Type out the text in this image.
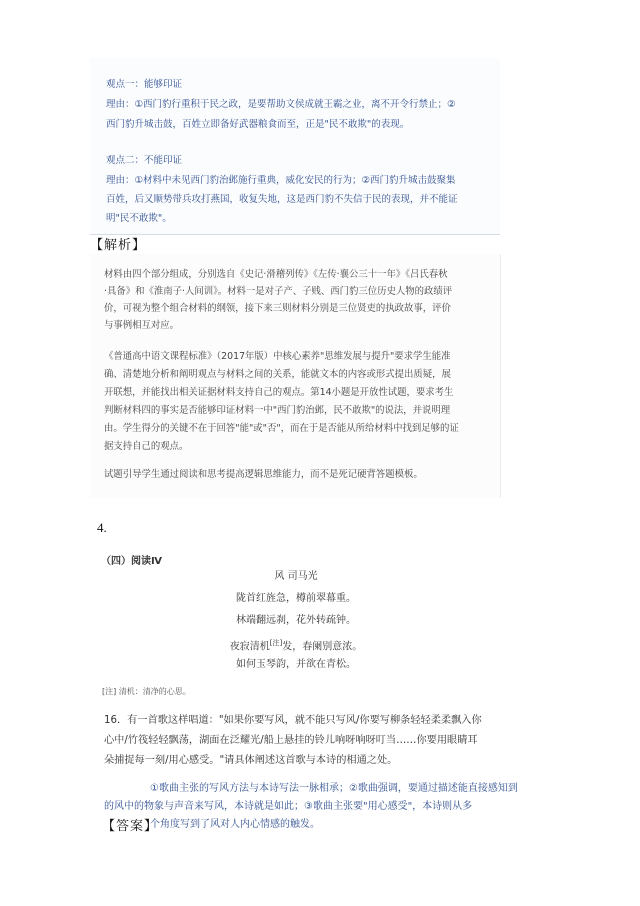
观点一：能够印证
理由：①西门豹行重积于民之政，是要帮助文侯成就王霸之业，离不开令行禁止；②
西门豹升城击鼓，百姓立即备好武器粮食而至，正是"民不敢欺"的表现。
观点二：不能印证
理由：①材料中未见西门豹治邺施行重典，威化安民的行为；②西门豹升城击鼓聚集
百姓，后又顺势带兵攻打燕国，收复失地，这是西门豹不失信于民的表现，并不能证
明"民不敢欺"。
【解析】
材料由四个部分组成，分别选自《史记·滑稽列传》《左传·襄公三十一年》《吕氏春秋
·具备》和《淮南子·人间训》。材料一是对子产、子贱、西门豹三位历史人物的政绩评
价，可视为整个组合材料的纲领，接下来三则材料分别是三位贤吏的执政故事，评价
与事例相互对应。
《普通高中语文课程标准》（2017年版）中核心素养"思维发展与提升"要求学生能准
确、清楚地分析和阐明观点与材料之间的关系，能就文本的内容或形式提出质疑，展
开联想，并能找出相关证据材料支持自己的观点。第14小题是开放性试题，要求考生
判断材料四的事实是否能够印证材料一中"西门豹治邺，民不敢欺"的说法，并说明理
由。学生得分的关键不在于回答"能"或"否"，而在于是否能从所给材料中找到足够的证
据支持自己的观点。
试题引导学生通过阅读和思考提高逻辑思维能力，而不是死记硬背答题模板。
4.
（四）阅读Ⅳ
风 司马光
陇首红旌急，樽前翠幕重。
林端翻远刹，花外转疏钟。
夜寂清机[注]发，春阑别意浓。
如何玉琴韵，并欲在青松。
[注] 清机：清净的心思。
16．有一首歌这样唱道："如果你要写风，就不能只写风/你要写柳条轻轻柔柔飘入你
心中/竹筏轻轻飘荡，湖面在泛耀光/船上悬挂的铃儿响呀响呀叮当……你要用眼睛耳
朵捕捉每一刻/用心感受。"请具体阐述这首歌与本诗的相通之处。
①歌曲主张的写风方法与本诗写法一脉相承；②歌曲强调，要通过描述能直接感知到
的风中的物象与声音来写风，本诗就是如此；③歌曲主张要"用心感受"，本诗则从多
【答案】
个角度写到了风对人内心情感的触发。
